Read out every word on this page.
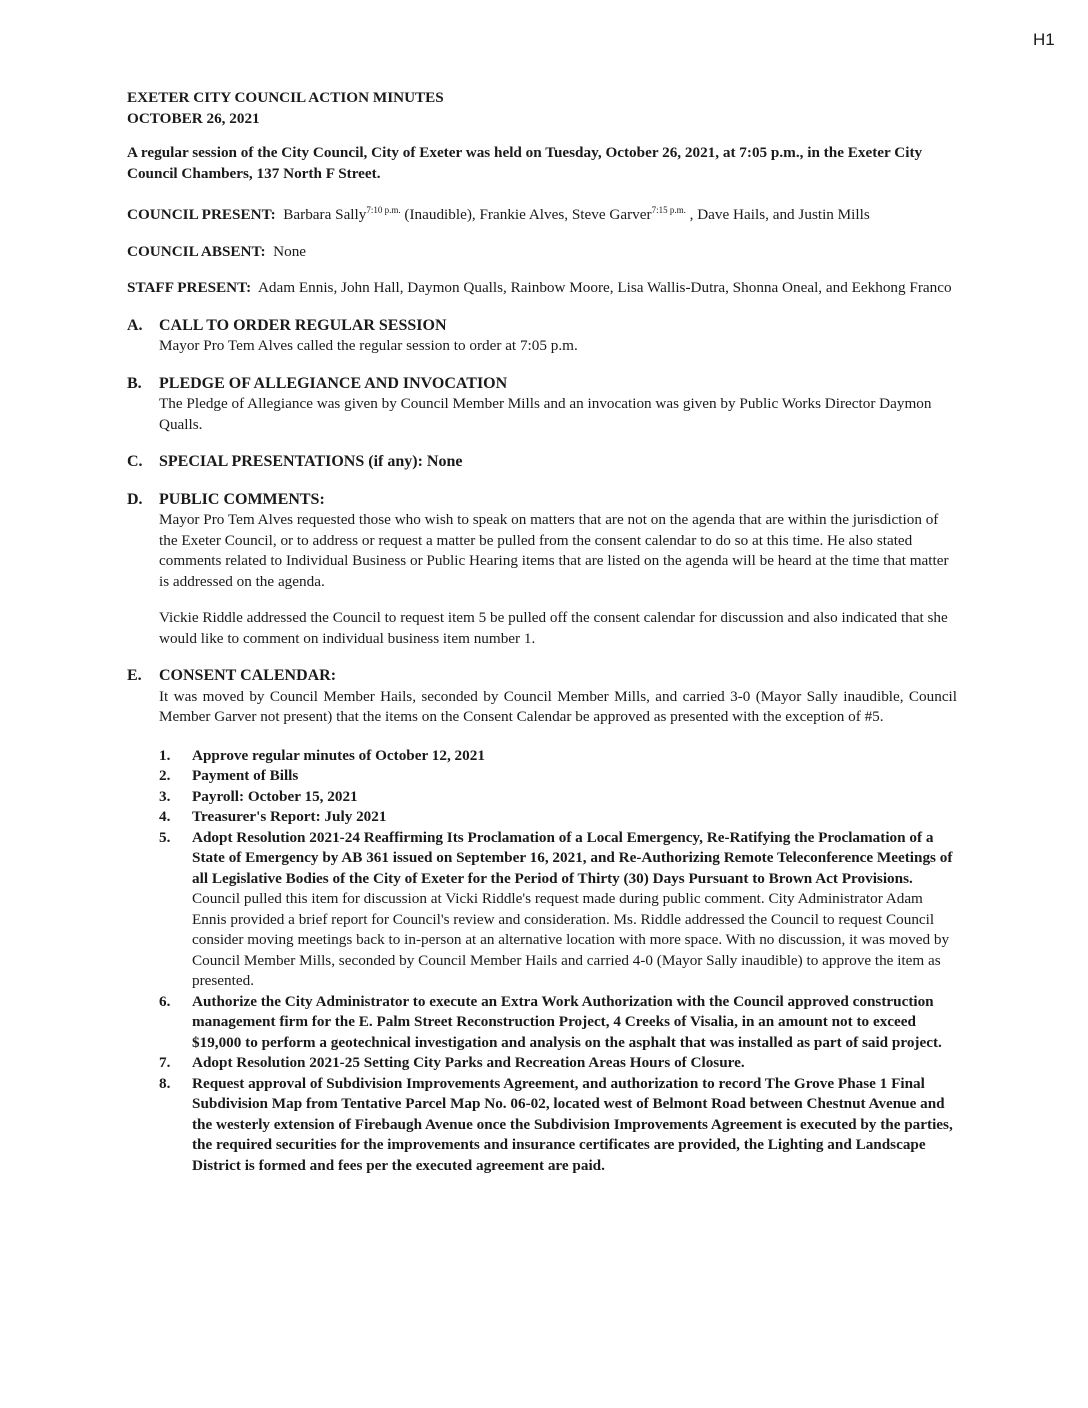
H1
EXETER CITY COUNCIL ACTION MINUTES
OCTOBER 26, 2021

A regular session of the City Council, City of Exeter was held on Tuesday, October 26, 2021, at 7:05 p.m., in the Exeter City Council Chambers, 137 North F Street.

COUNCIL PRESENT: Barbara Sally$^{7:10 p.m.}$ (Inaudible), Frankie Alves, Steve Garver$^{7:15 p.m.}$ , Dave Hails, and Justin Mills

COUNCIL ABSENT: None

STAFF PRESENT: Adam Ennis, John Hall, Daymon Qualls, Rainbow Moore, Lisa Wallis-Dutra, Shonna Oneal, and Eekhong Franco

A.	CALL TO ORDER REGULAR SESSION

Mayor Pro Tem Alves called the regular session to order at 7:05 p.m.

B.	PLEDGE OF ALLEGIANCE AND INVOCATION

The Pledge of Allegiance was given by Council Member Mills and an invocation was given by Public Works Director Daymon Qualls.

C.	SPECIAL PRESENTATIONS (if any): None
D.	PUBLIC COMMENTS:

Mayor Pro Tem Alves requested those who wish to speak on matters that are not on the agenda that are within the jurisdiction of the Exeter Council, or to address or request a matter be pulled from the consent calendar to do so at this time. He also stated comments related to Individual Business or Public Hearing items that are listed on the agenda will be heard at the time that matter is addressed on the agenda.

Vickie Riddle addressed the Council to request item 5 be pulled off the consent calendar for discussion and also indicated that she would like to comment on individual business item number 1.

E.	CONSENT CALENDAR:

It was moved by Council Member Hails, seconded by Council Member Mills, and carried 3-0 (Mayor Sally inaudible, Council Member Garver not present) that the items on the Consent Calendar be approved as presented with the exception of #5.

1.	Approve regular minutes of October 12, 2021
2.	Payment of Bills
3.	Payroll: October 15, 2021
4.	Treasurer's Report: July 2021
5.	Adopt Resolution 2021-24 Reaffirming Its Proclamation of a Local Emergency, Re-Ratifying the Proclamation of a State of Emergency by AB 361 issued on September 16, 2021, and Re-Authorizing Remote Teleconference Meetings of all Legislative Bodies of the City of Exeter for the Period of Thirty (30) Days Pursuant to Brown Act Provisions. Council pulled this item for discussion at Vicki Riddle's request made during public comment. City Administrator Adam Ennis provided a brief report for Council's review and consideration. Ms. Riddle addressed the Council to request Council consider moving meetings back to in-person at an alternative location with more space. With no discussion, it was moved by Council Member Mills, seconded by Council Member Hails and carried 4-0 (Mayor Sally inaudible) to approve the item as presented.
6.	Authorize the City Administrator to execute an Extra Work Authorization with the Council approved construction management firm for the E. Palm Street Reconstruction Project, 4 Creeks of Visalia, in an amount not to exceed $19,000 to perform a geotechnical investigation and analysis on the asphalt that was installed as part of said project.
7.	Adopt Resolution 2021-25 Setting City Parks and Recreation Areas Hours of Closure.
8.	Request approval of Subdivision Improvements Agreement, and authorization to record The Grove Phase 1 Final Subdivision Map from Tentative Parcel Map No. 06-02, located west of Belmont Road between Chestnut Avenue and the westerly extension of Firebaugh Avenue once the Subdivision Improvements Agreement is executed by the parties, the required securities for the improvements and insurance certificates are provided, the Lighting and Landscape District is formed and fees per the executed agreement are paid.
